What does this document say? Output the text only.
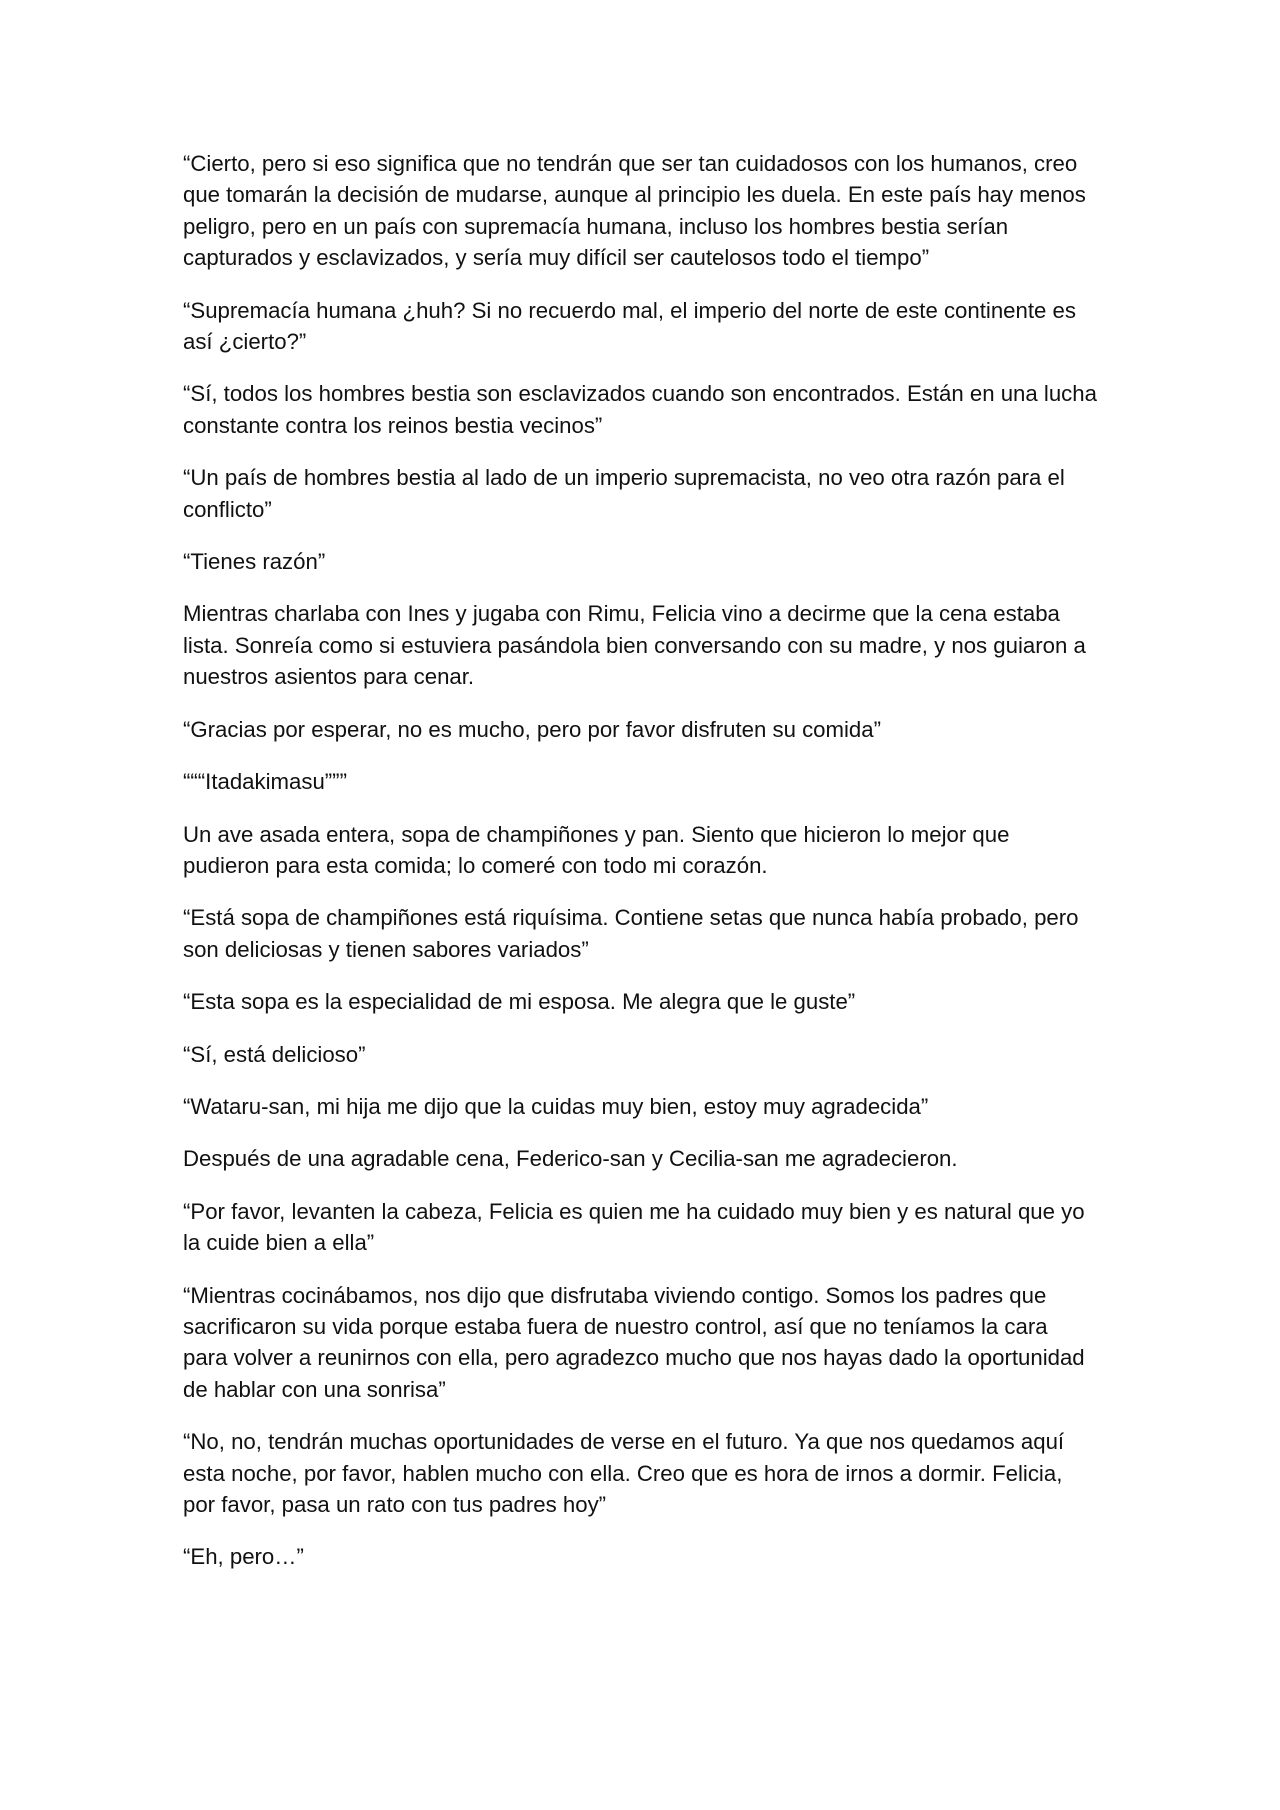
“Cierto, pero si eso significa que no tendrán que ser tan cuidadosos con los humanos, creo que tomarán la decisión de mudarse, aunque al principio les duela. En este país hay menos peligro, pero en un país con supremacía humana, incluso los hombres bestia serían capturados y esclavizados, y sería muy difícil ser cautelosos todo el tiempo”

“Supremacía humana ¿huh? Si no recuerdo mal, el imperio del norte de este continente es así ¿cierto?”

“Sí, todos los hombres bestia son esclavizados cuando son encontrados. Están en una lucha constante contra los reinos bestia vecinos”

“Un país de hombres bestia al lado de un imperio supremacista, no veo otra razón para el conflicto”

“Tienes razón”

Mientras charlaba con Ines y jugaba con Rimu, Felicia vino a decirme que la cena estaba lista. Sonreía como si estuviera pasándola bien conversando con su madre, y nos guiaron a nuestros asientos para cenar.

“Gracias por esperar, no es mucho, pero por favor disfruten su comida”

“““Itadakimasu”””

Un ave asada entera, sopa de champiñones y pan. Siento que hicieron lo mejor que pudieron para esta comida; lo comeré con todo mi corazón.

“Está sopa de champiñones está riquísima. Contiene setas que nunca había probado, pero son deliciosas y tienen sabores variados”

“Esta sopa es la especialidad de mi esposa. Me alegra que le guste”

“Sí, está delicioso”

“Wataru-san, mi hija me dijo que la cuidas muy bien, estoy muy agradecida”

Después de una agradable cena, Federico-san y Cecilia-san me agradecieron.

“Por favor, levanten la cabeza, Felicia es quien me ha cuidado muy bien y es natural que yo la cuide bien a ella”

“Mientras cocinábamos, nos dijo que disfrutaba viviendo contigo. Somos los padres que sacrificaron su vida porque estaba fuera de nuestro control, así que no teníamos la cara para volver a reunirnos con ella, pero agradezco mucho que nos hayas dado la oportunidad de hablar con una sonrisa”

“No, no, tendrán muchas oportunidades de verse en el futuro. Ya que nos quedamos aquí esta noche, por favor, hablen mucho con ella. Creo que es hora de irnos a dormir. Felicia, por favor, pasa un rato con tus padres hoy”

“Eh, pero…”
